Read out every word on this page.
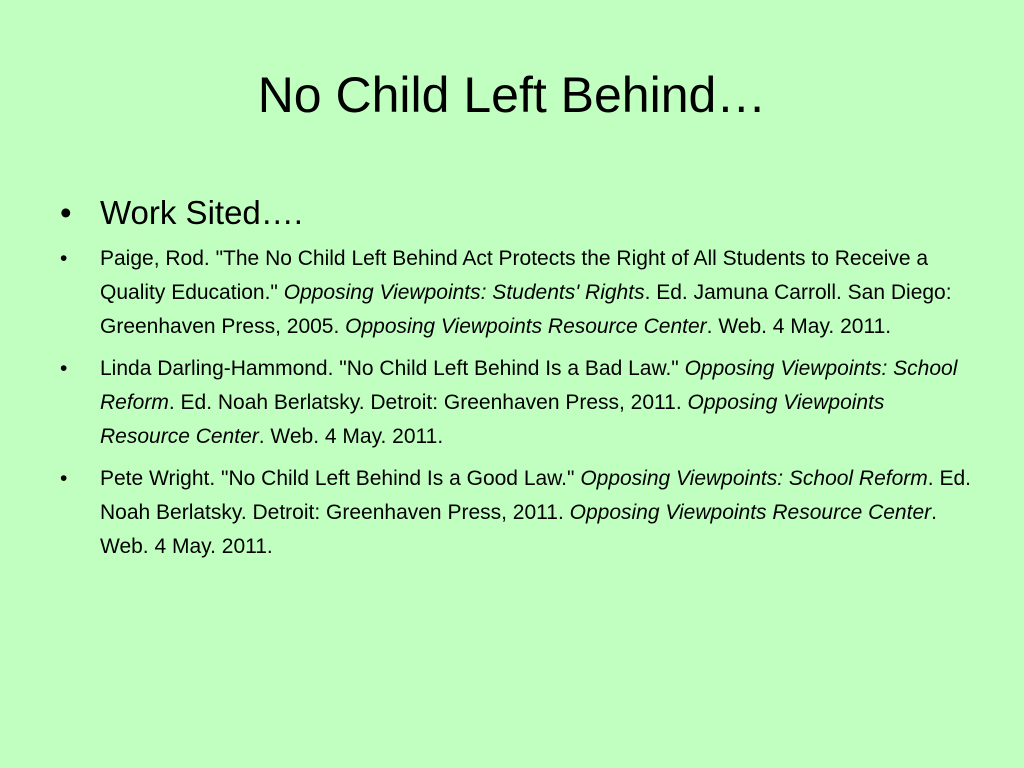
No Child Left Behind…
• Work Sited….
• Paige, Rod. "The No Child Left Behind Act Protects the Right of All Students to Receive a Quality Education." Opposing Viewpoints: Students' Rights. Ed. Jamuna Carroll. San Diego: Greenhaven Press, 2005. Opposing Viewpoints Resource Center. Web. 4 May. 2011.
• Linda Darling-Hammond. "No Child Left Behind Is a Bad Law." Opposing Viewpoints: School Reform. Ed. Noah Berlatsky. Detroit: Greenhaven Press, 2011. Opposing Viewpoints Resource Center. Web. 4 May. 2011.
• Pete Wright. "No Child Left Behind Is a Good Law." Opposing Viewpoints: School Reform. Ed. Noah Berlatsky. Detroit: Greenhaven Press, 2011. Opposing Viewpoints Resource Center. Web. 4 May. 2011.
